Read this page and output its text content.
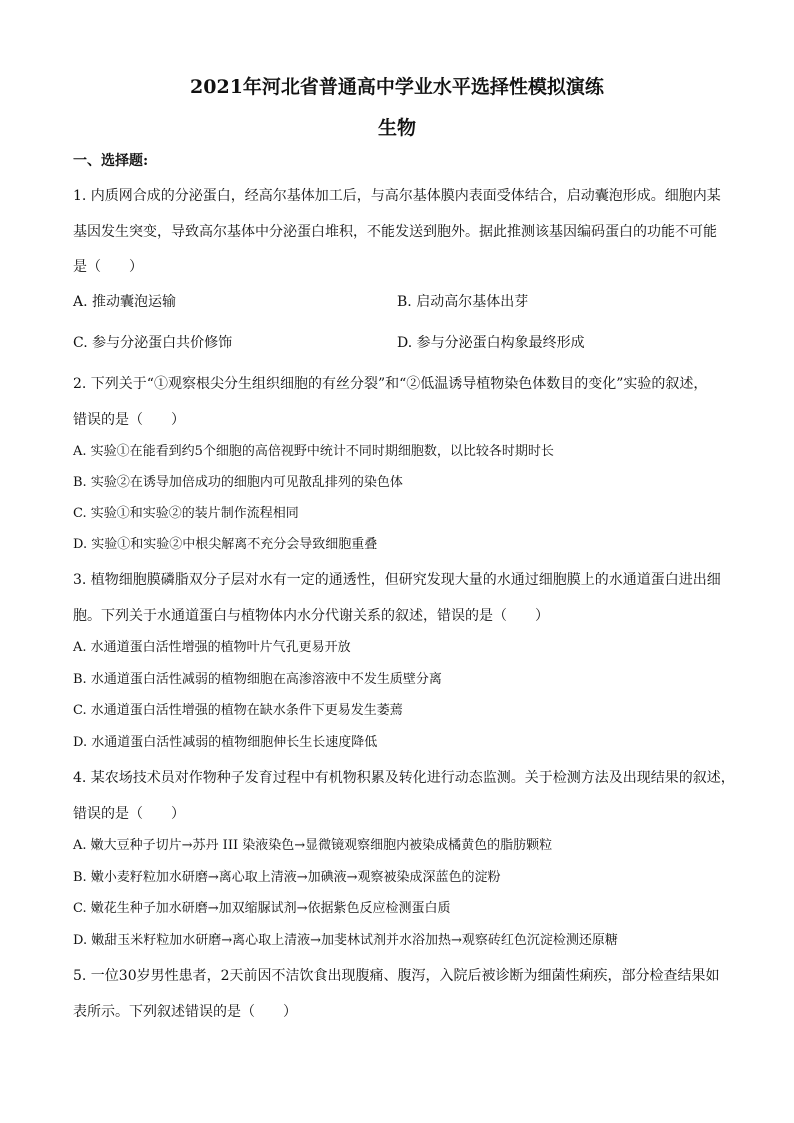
2021年河北省普通高中学业水平选择性模拟演练
生物
一、选择题:
1. 内质网合成的分泌蛋白，经高尔基体加工后，与高尔基体膜内表面受体结合，启动囊泡形成。细胞内某
基因发生突变，导致高尔基体中分泌蛋白堆积，不能发送到胞外。据此推测该基因编码蛋白的功能不可能
是（　　）
A. 推动囊泡运输	B. 启动高尔基体出芽
C. 参与分泌蛋白共价修饰	D. 参与分泌蛋白构象最终形成
2. 下列关于“①观察根尖分生组织细胞的有丝分裂”和“②低温诱导植物染色体数目的变化”实验的叙述，
错误的是（　　）
A. 实验①在能看到约5个细胞的高倍视野中统计不同时期细胞数，以比较各时期时长
B. 实验②在诱导加倍成功的细胞内可见散乱排列的染色体
C. 实验①和实验②的装片制作流程相同
D. 实验①和实验②中根尖解离不充分会导致细胞重叠
3. 植物细胞膜磷脂双分子层对水有一定的通透性，但研究发现大量的水通过细胞膜上的水通道蛋白进出细
胞。下列关于水通道蛋白与植物体内水分代谢关系的叙述，错误的是（　　）
A. 水通道蛋白活性增强的植物叶片气孔更易开放
B. 水通道蛋白活性减弱的植物细胞在高渗溶液中不发生质壁分离
C. 水通道蛋白活性增强的植物在缺水条件下更易发生萎蔫
D. 水通道蛋白活性减弱的植物细胞伸长生长速度降低
4. 某农场技术员对作物种子发育过程中有机物积累及转化进行动态监测。关于检测方法及出现结果的叙述，
错误的是（　　）
A. 嫩大豆种子切片→苏丹 III 染液染色→显微镜观察细胞内被染成橘黄色的脂肪颗粒
B. 嫩小麦籽粒加水研磨→离心取上清液→加碘液→观察被染成深蓝色的淀粉
C. 嫩花生种子加水研磨→加双缩脲试剂→依据紫色反应检测蛋白质
D. 嫩甜玉米籽粒加水研磨→离心取上清液→加斐林试剂并水浴加热→观察砖红色沉淀检测还原糖
5. 一位30岁男性患者，2天前因不洁饮食出现腹痛、腹泻，入院后被诊断为细菌性痢疾，部分检查结果如
表所示。下列叙述错误的是（　　）
